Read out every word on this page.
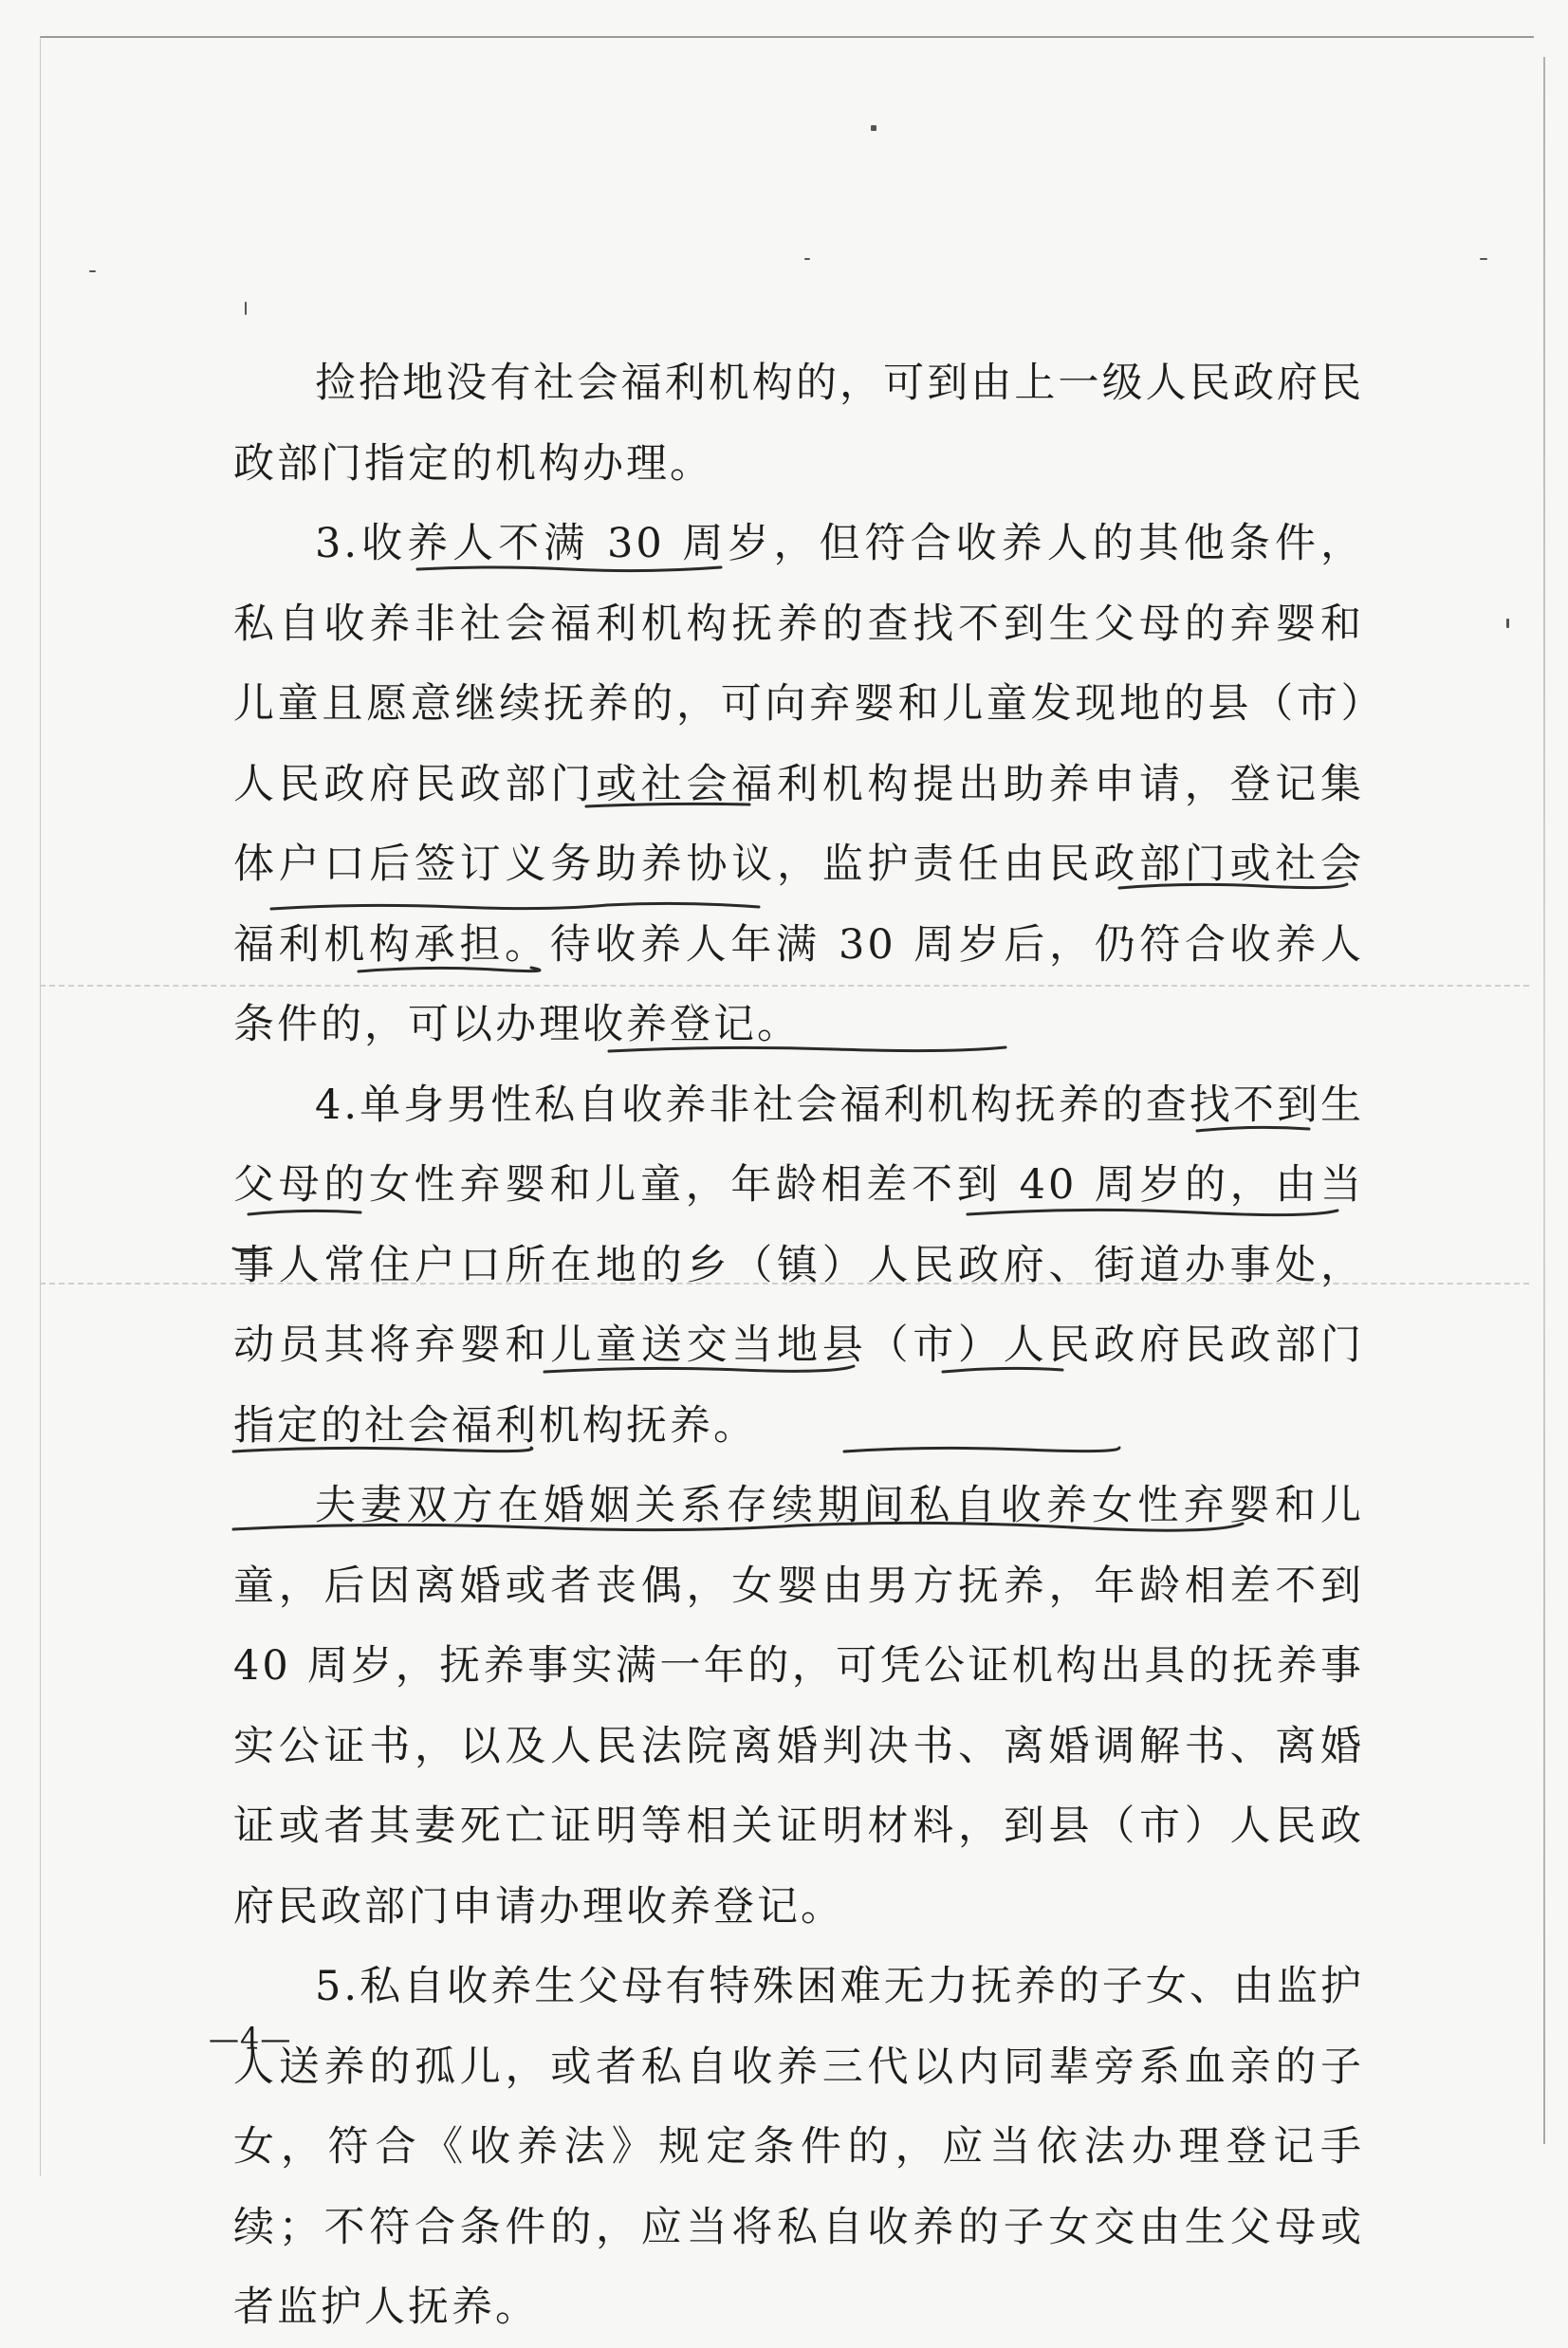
捡拾地没有社会福利机构的，可到由上一级人民政府民政部门指定的机构办理。

3.收养人不满 30 周岁，但符合收养人的其他条件，私自收养非社会福利机构抚养的查找不到生父母的弃婴和儿童且愿意继续抚养的，可向弃婴和儿童发现地的县（市）人民政府民政部门或社会福利机构提出助养申请，登记集体户口后签订义务助养协议，监护责任由民政部门或社会福利机构承担。待收养人年满 30 周岁后，仍符合收养人条件的，可以办理收养登记。

4.单身男性私自收养非社会福利机构抚养的查找不到生父母的女性弃婴和儿童，年龄相差不到 40 周岁的，由当事人常住户口所在地的乡（镇）人民政府、街道办事处，动员其将弃婴和儿童送交当地县（市）人民政府民政部门指定的社会福利机构抚养。

夫妻双方在婚姻关系存续期间私自收养女性弃婴和儿童，后因离婚或者丧偶，女婴由男方抚养，年龄相差不到 40 周岁，抚养事实满一年的，可凭公证机构出具的抚养事实公证书，以及人民法院离婚判决书、离婚调解书、离婚证或者其妻死亡证明等相关证明材料，到县（市）人民政府民政部门申请办理收养登记。

5.私自收养生父母有特殊困难无力抚养的子女、由监护人送养的孤儿，或者私自收养三代以内同辈旁系血亲的子女，符合《收养法》规定条件的，应当依法办理登记手续；不符合条件的，应当将私自收养的子女交由生父母或者监护人抚养。

—4—
